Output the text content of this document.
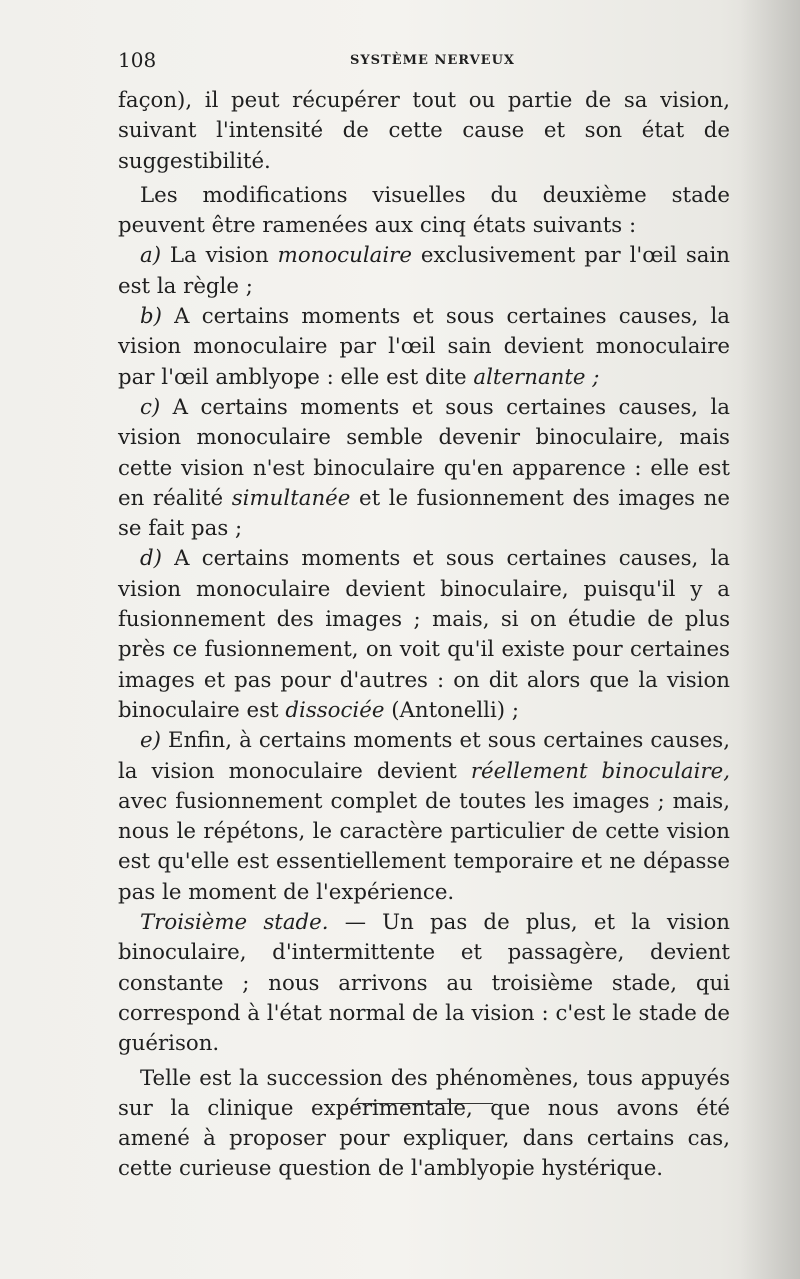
108	SYSTÈME NERVEUX

façon), il peut récupérer tout ou partie de sa vision, suivant l'intensité de cette cause et son état de suggestibilité.

Les modifications visuelles du deuxième stade peuvent être ramenées aux cinq états suivants :

a) La vision monoculaire exclusivement par l'œil sain est la règle ;

b) A certains moments et sous certaines causes, la vision monoculaire par l'œil sain devient monoculaire par l'œil amblyope : elle est dite alternante ;

c) A certains moments et sous certaines causes, la vision monoculaire semble devenir binoculaire, mais cette vision n'est binoculaire qu'en apparence : elle est en réalité simultanée et le fusionnement des images ne se fait pas ;

d) A certains moments et sous certaines causes, la vision monoculaire devient binoculaire, puisqu'il y a fusionnement des images ; mais, si on étudie de plus près ce fusionnement, on voit qu'il existe pour certaines images et pas pour d'autres : on dit alors que la vision binoculaire est dissociée (Antonelli) ;

e) Enfin, à certains moments et sous certaines causes, la vision monoculaire devient réellement binoculaire, avec fusionnement complet de toutes les images ; mais, nous le répétons, le caractère particulier de cette vision est qu'elle est essentiellement temporaire et ne dépasse pas le moment de l'expérience.

Troisième stade. — Un pas de plus, et la vision binoculaire, d'intermittente et passagère, devient constante ; nous arrivons au troisième stade, qui correspond à l'état normal de la vision : c'est le stade de guérison.

Telle est la succession des phénomènes, tous appuyés sur la clinique expérimentale, que nous avons été amené à proposer pour expliquer, dans certains cas, cette curieuse question de l'amblyopie hystérique.
